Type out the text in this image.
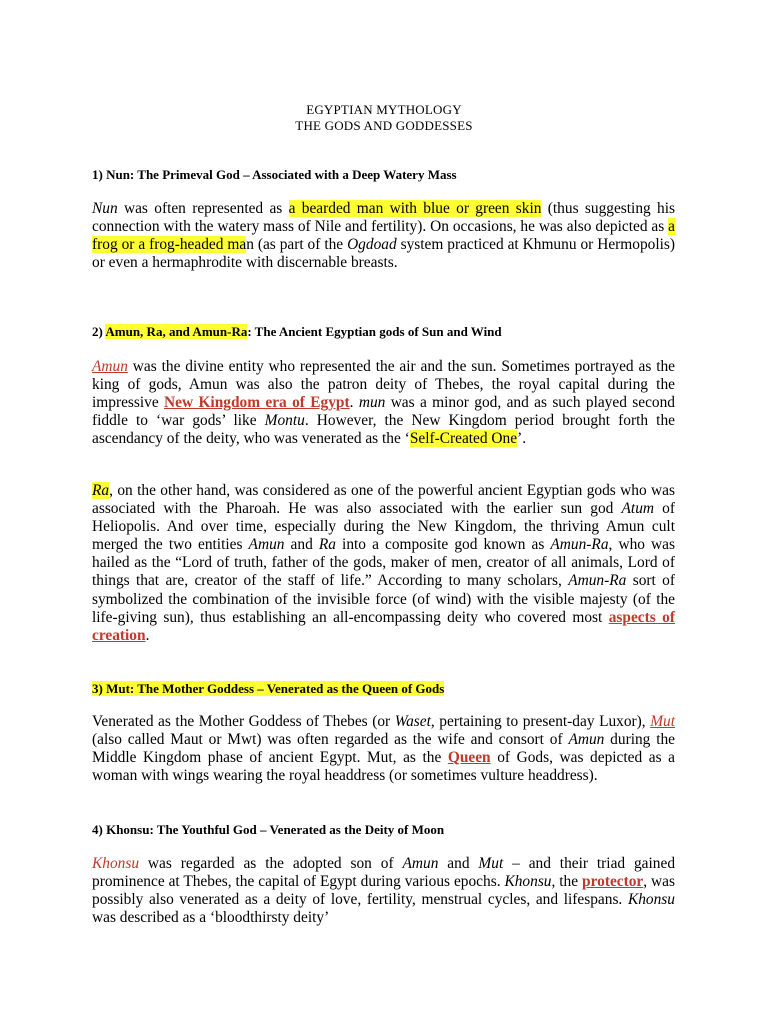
EGYPTIAN MYTHOLOGY
THE GODS AND GODDESSES
1) Nun: The Primeval God – Associated with a Deep Watery Mass

Nun was often represented as a bearded man with blue or green skin (thus suggesting his connection with the watery mass of Nile and fertility). On occasions, he was also depicted as a frog or a frog-headed man (as part of the Ogdoad system practiced at Khmunu or Hermopolis) or even a hermaphrodite with discernable breasts.

2) Amun, Ra, and Amun-Ra: The Ancient Egyptian gods of Sun and Wind

Amun was the divine entity who represented the air and the sun. Sometimes portrayed as the king of gods, Amun was also the patron deity of Thebes, the royal capital during the impressive New Kingdom era of Egypt. mun was a minor god, and as such played second fiddle to ‘war gods’ like Montu. However, the New Kingdom period brought forth the ascendancy of the deity, who was venerated as the ‘Self-Created One’.

Ra, on the other hand, was considered as one of the powerful ancient Egyptian gods who was associated with the Pharoah. He was also associated with the earlier sun god Atum of Heliopolis. And over time, especially during the New Kingdom, the thriving Amun cult merged the two entities Amun and Ra into a composite god known as Amun-Ra, who was hailed as the “Lord of truth, father of the gods, maker of men, creator of all animals, Lord of things that are, creator of the staff of life.” According to many scholars, Amun-Ra sort of symbolized the combination of the invisible force (of wind) with the visible majesty (of the life-giving sun), thus establishing an all-encompassing deity who covered most aspects of creation.

3) Mut: The Mother Goddess – Venerated as the Queen of Gods

Venerated as the Mother Goddess of Thebes (or Waset, pertaining to present-day Luxor), Mut (also called Maut or Mwt) was often regarded as the wife and consort of Amun during the Middle Kingdom phase of ancient Egypt. Mut, as the Queen of Gods, was depicted as a woman with wings wearing the royal headdress (or sometimes vulture headdress).

4) Khonsu: The Youthful God – Venerated as the Deity of Moon

Khonsu was regarded as the adopted son of Amun and Mut – and their triad gained prominence at Thebes, the capital of Egypt during various epochs. Khonsu, the protector, was possibly also venerated as a deity of love, fertility, menstrual cycles, and lifespans. Khonsu was described as a ‘bloodthirsty deity’
